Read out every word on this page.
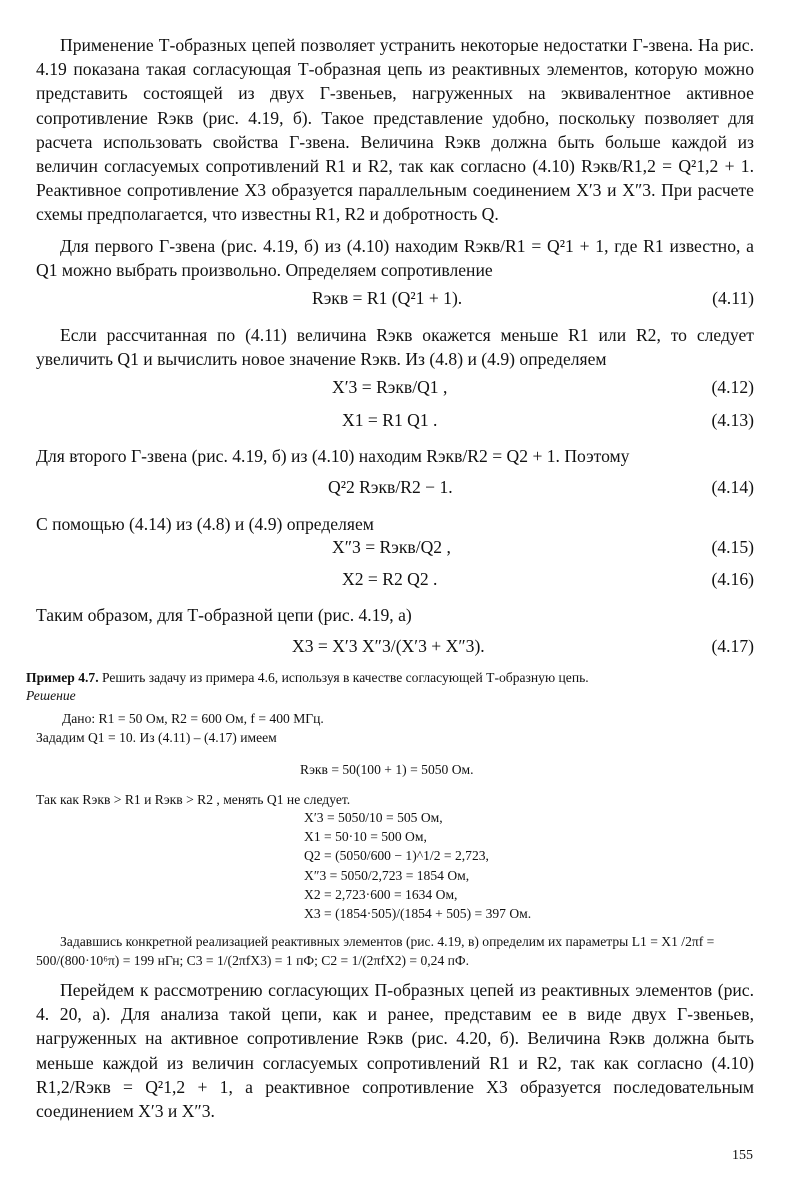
Применение Т-образных цепей позволяет устранить некоторые недостатки Г-звена. На рис. 4.19 показана такая согласующая Т-образная цепь из реактивных элементов, которую можно представить состоящей из двух Г-звеньев, нагруженных на эквивалентное активное сопротивление Rэкв (рис. 4.19, б). Такое представление удобно, поскольку позволяет для расчета использовать свойства Г-звена. Величина Rэкв должна быть больше каждой из величин согласуемых сопротивлений R1 и R2, так как согласно (4.10) Rэкв/R1,2 = Q²1,2 + 1. Реактивное сопротивление X3 образуется параллельным соединением X′3 и X″3. При расчете схемы предполагается, что известны R1, R2 и добротность Q.

Для первого Г-звена (рис. 4.19, б) из (4.10) находим Rэкв/R1 = Q²1 + 1, где R1 известно, а Q1 можно выбрать произвольно. Определяем сопротивление

Rэкв = R1 (Q²1 + 1).	(4.11)

Если рассчитанная по (4.11) величина Rэкв окажется меньше R1 или R2, то следует увеличить Q1 и вычислить новое значение Rэкв. Из (4.8) и (4.9) определяем

X′3 = Rэкв/Q1 ,	(4.12)
X1 = R1 Q1 .	(4.13)

Для второго Г-звена (рис. 4.19, б) из (4.10) находим Rэкв/R2 = Q2 + 1. Поэтому

Q²2 Rэкв/R2 − 1.	(4.14)

С помощью (4.14) из (4.8) и (4.9) определяем

X″3 = Rэкв/Q2 ,	(4.15)
X2 = R2 Q2 .	(4.16)

Таким образом, для Т-образной цепи (рис. 4.19, а)

X3 = X′3 X″3/(X′3 + X″3).	(4.17)

Пример 4.7. Решить задачу из примера 4.6, используя в качестве согласующей Т-образную цепь.

Решение
Дано: R1 = 50 Ом, R2 = 600 Ом, f = 400 МГц.
Зададим Q1 = 10. Из (4.11) – (4.17) имеем
Rэкв = 50(100 + 1) = 5050 Ом.
Так как Rэкв > R1 и Rэкв > R2 , менять Q1 не следует.
X′3 = 5050/10 = 505 Ом,
X1 = 50·10 = 500 Ом,
Q2 = (5050/600 − 1)^1/2 = 2,723,
X″3 = 5050/2,723 = 1854 Ом,
X2 = 2,723·600 = 1634 Ом,
X3 = (1854·505)/(1854 + 505) = 397 Ом.

Задавшись конкретной реализацией реактивных элементов (рис. 4.19, в) определим их параметры L1 = X1 /2πf = 500/(800·10⁶π) = 199 нГн; C3 = 1/(2πfX3) = 1 пФ; C2 = 1/(2πfX2) = 0,24 пФ.

Перейдем к рассмотрению согласующих П-образных цепей из реактивных элементов (рис. 4. 20, а). Для анализа такой цепи, как и ранее, представим ее в виде двух Г-звеньев, нагруженных на активное сопротивление Rэкв (рис. 4.20, б). Величина Rэкв должна быть меньше каждой из величин согласуемых сопротивлений R1 и R2, так как согласно (4.10) R1,2/Rэкв = Q²1,2 + 1, а реактивное сопротивление X3 образуется последовательным соединением X′3 и X″3.

155
